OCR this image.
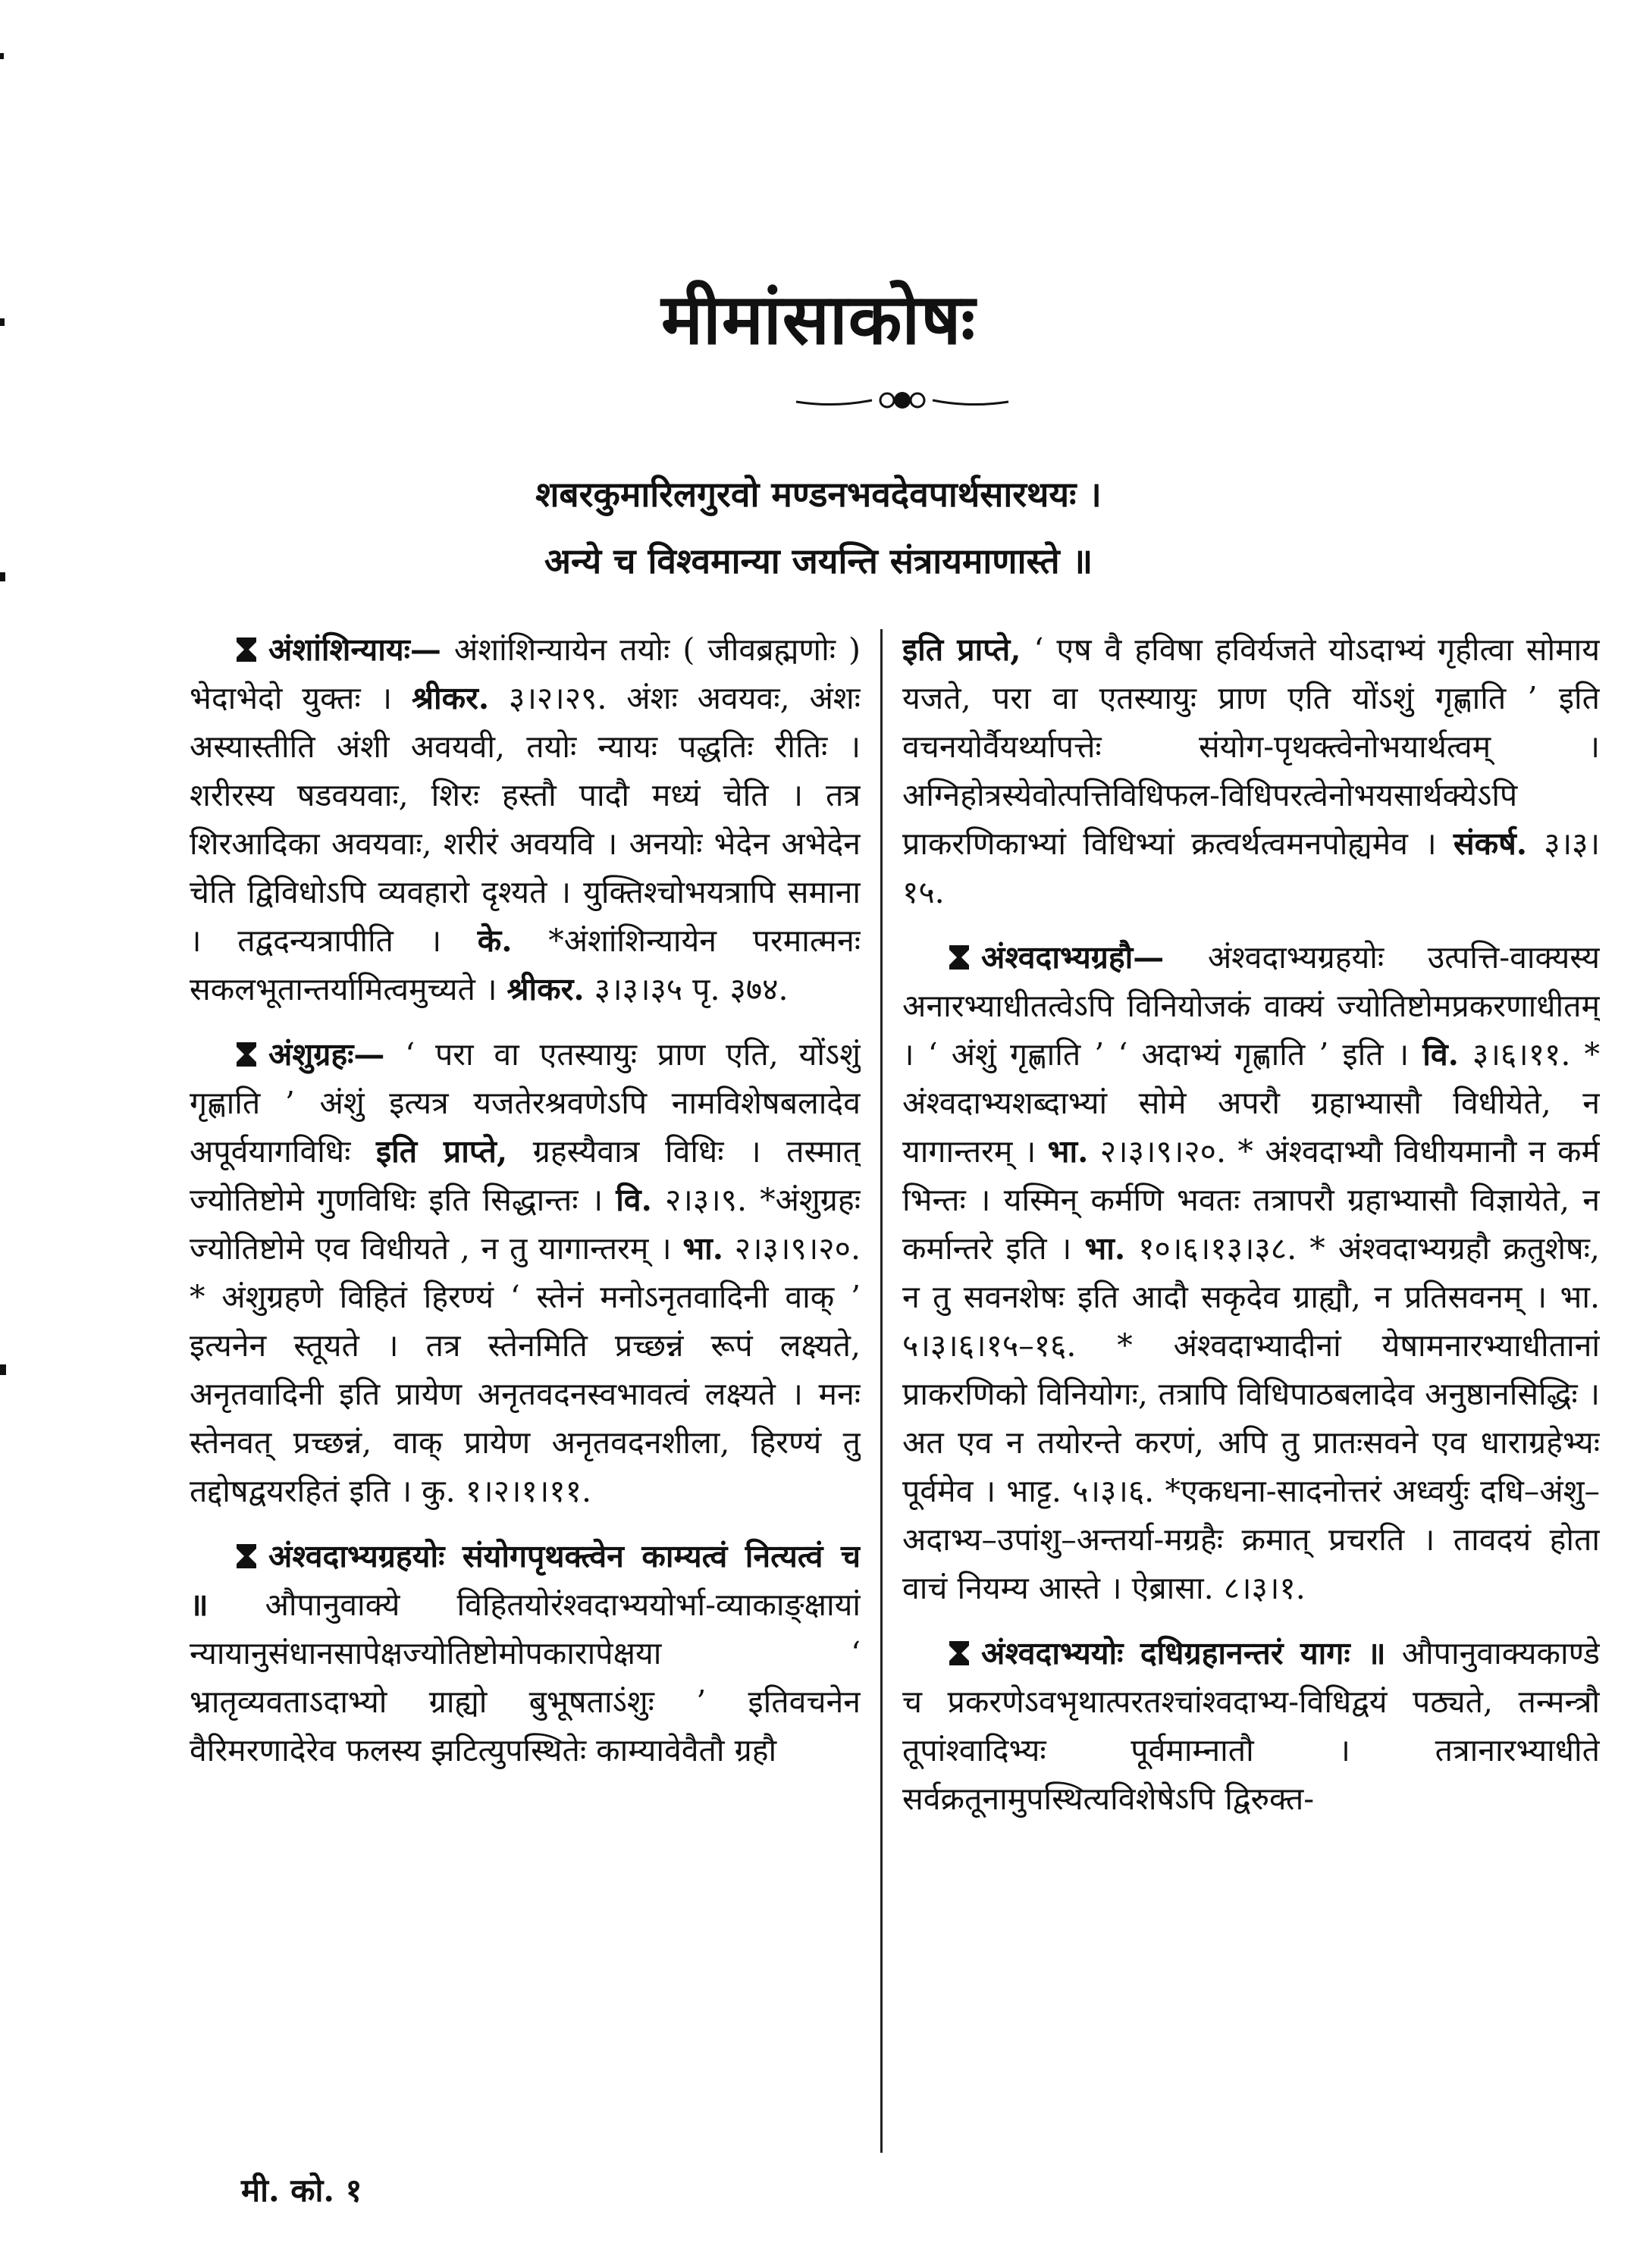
मीमांसाकोषः

शबरकुमारिलगुरवो मण्डनभवदेवपार्थसारथयः ।

अन्ये च विश्वमान्या जयन्ति संत्रायमाणास्ते ॥

अंशांशिन्यायः— अंशांशिन्यायेन तयोः ( जीवब्रह्मणोः ) भेदाभेदो युक्तः । श्रीकर. ३।२।२९. अंशः अवयवः, अंशः अस्यास्तीति अंशी अवयवी, तयोः न्यायः पद्धतिः रीतिः । शरीरस्य षडवयवाः, शिरः हस्तौ पादौ मध्यं चेति । तत्र शिरआदिका अवयवाः, शरीरं अवयवि । अनयोः भेदेन अभेदेन चेति द्विविधोऽपि व्यवहारो दृश्यते । युक्तिश्चोभयत्रापि समाना । तद्वदन्यत्रापीति । के. *अंशांशिन्यायेन परमात्मनः सकलभूतान्तर्यामित्वमुच्यते । श्रीकर. ३।३।३५ पृ. ३७४.

अंशुग्रहः— ‘ परा वा एतस्यायुः प्राण एति, योंऽशुं गृह्णाति ’ अंशुं इत्यत्र यजतेरश्रवणेऽपि नामविशेषबलादेव अपूर्वयागविधिः इति प्राप्ते, ग्रहस्यैवात्र विधिः । तस्मात् ज्योतिष्टोमे गुणविधिः इति सिद्धान्तः । वि. २।३।९. *अंशुग्रहः ज्योतिष्टोमे एव विधीयते , न तु यागान्तरम् । भा. २।३।९।२०. * अंशुग्रहणे विहितं हिरण्यं ‘ स्तेनं मनोऽनृतवादिनी वाक् ’ इत्यनेन स्तूयते । तत्र स्तेनमिति प्रच्छन्नं रूपं लक्ष्यते, अनृतवादिनी इति प्रायेण अनृतवदनस्वभावत्वं लक्ष्यते । मनः स्तेनवत् प्रच्छन्नं, वाक् प्रायेण अनृतवदनशीला, हिरण्यं तु तद्दोषद्वयरहितं इति । कु. १।२।१।११.

अंश्वदाभ्यग्रहयोः संयोगपृथक्त्वेन काम्यत्वं नित्यत्वं च ॥ औपानुवाक्ये विहितयोरंश्वदाभ्ययोर्भा-व्याकाङ्क्षायां न्यायानुसंधानसापेक्षज्योतिष्टोमोपकारापेक्षया ‘ भ्रातृव्यवताऽदाभ्यो ग्राह्यो बुभूषताऽंशुः ’ इतिवचनेन वैरिमरणादेरेव फलस्य झटित्युपस्थितेः काम्यावेवैतौ ग्रहौ

इति प्राप्ते, ‘ एष वै हविषा हविर्यजते योऽदाभ्यं गृहीत्वा सोमाय यजते, परा वा एतस्यायुः प्राण एति योंऽशुं गृह्णाति ’ इति वचनयोर्वैयर्थ्यापत्तेः संयोग-पृथक्त्वेनोभयार्थत्वम् । अग्निहोत्रस्येवोत्पत्तिविधिफल-विधिपरत्वेनोभयसार्थक्येऽपि प्राकरणिकाभ्यां विधिभ्यां क्रत्वर्थत्वमनपोह्यमेव । संकर्ष. ३।३।१५.

अंश्वदाभ्यग्रहौ— अंश्वदाभ्यग्रहयोः उत्पत्ति-वाक्यस्य अनारभ्याधीतत्वेऽपि विनियोजकं वाक्यं ज्योतिष्टोमप्रकरणाधीतम् । ‘ अंशुं गृह्णाति ’ ‘ अदाभ्यं गृह्णाति ’ इति । वि. ३।६।११. * अंश्वदाभ्यशब्दाभ्यां सोमे अपरौ ग्रहाभ्यासौ विधीयेते, न यागान्तरम् । भा. २।३।९।२०. * अंश्वदाभ्यौ विधीयमानौ न कर्म भिन्तः । यस्मिन् कर्मणि भवतः तत्रापरौ ग्रहाभ्यासौ विज्ञायेते, न कर्मान्तरे इति । भा. १०।६।१३।३८. * अंश्वदाभ्यग्रहौ क्रतुशेषः, न तु सवनशेषः इति आदौ सकृदेव ग्राह्यौ, न प्रतिसवनम् । भा. ५।३।६।१५–१६. * अंश्वदाभ्यादीनां येषामनारभ्याधीतानां प्राकरणिको विनियोगः, तत्रापि विधिपाठबलादेव अनुष्ठानसिद्धिः । अत एव न तयोरन्ते करणं, अपि तु प्रातःसवने एव धाराग्रहेभ्यः पूर्वमेव । भाट्ट. ५।३।६. *एकधना-सादनोत्तरं अध्वर्युः दधि–अंशु–अदाभ्य–उपांशु–अन्तर्या-मग्रहैः क्रमात् प्रचरति । तावदयं होता वाचं नियम्य आस्ते । ऐब्रासा. ८।३।१.

अंश्वदाभ्ययोः दधिग्रहानन्तरं यागः ॥ औपानुवाक्यकाण्डे च प्रकरणेऽवभृथात्परतश्चांश्वदाभ्य-विधिद्वयं पठ्यते, तन्मन्त्रौ तूपांश्वादिभ्यः पूर्वमाम्नातौ । तत्रानारभ्याधीते सर्वक्रतूनामुपस्थित्यविशेषेऽपि द्विरुक्त-

मी. को. १
